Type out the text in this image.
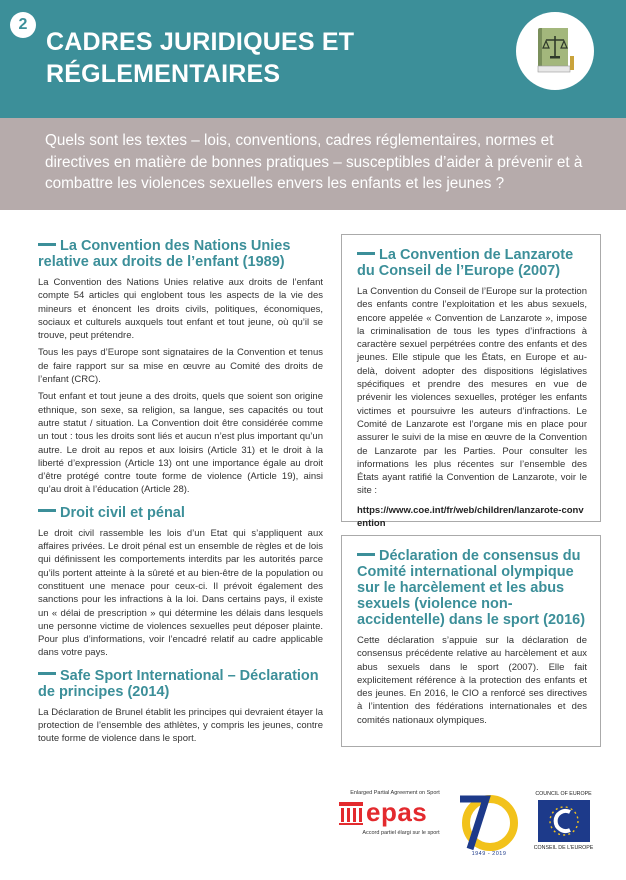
2
CADRES JURIDIQUES ET RÉGLEMENTAIRES

Quels sont les textes – lois, conventions, cadres réglementaires, normes et directives en matière de bonnes pratiques – susceptibles d’aider à prévenir et à combattre les violences sexuelles envers les enfants et les jeunes ?

La Convention des Nations Unies relative aux droits de l’enfant (1989)

La Convention des Nations Unies relative aux droits de l’enfant compte 54 articles qui englobent tous les aspects de la vie des mineurs et énoncent les droits civils, politiques, économiques, sociaux et culturels auxquels tout enfant et tout jeune, où qu’il se trouve, peut prétendre.

Tous les pays d’Europe sont signataires de la Convention et tenus de faire rapport sur sa mise en œuvre au Comité des droits de l’enfant (CRC).

Tout enfant et tout jeune a des droits, quels que soient son origine ethnique, son sexe, sa religion, sa langue, ses capacités ou tout autre statut / situation. La Convention doit être considérée comme un tout : tous les droits sont liés et aucun n’est plus important qu’un autre. Le droit au repos et aux loisirs (Article 31) et le droit à la liberté d’expression (Article 13) ont une importance égale au droit d’être protégé contre toute forme de violence (Article 19), ainsi qu’au droit à l’éducation (Article 28).

Droit civil et pénal

Le droit civil rassemble les lois d’un Etat qui s’appliquent aux affaires privées. Le droit pénal est un ensemble de règles et de lois qui définissent les comportements interdits par les autorités parce qu’ils portent atteinte à la sûreté et au bien-être de la population ou constituent une menace pour ceux-ci. Il prévoit également des sanctions pour les infractions à la loi. Dans certains pays, il existe un « délai de prescription » qui détermine les délais dans lesquels une personne victime de violences sexuelles peut déposer plainte. Pour plus d’informations, voir l’encadré relatif au cadre applicable dans votre pays.

Safe Sport International – Déclaration de principes (2014)

La Déclaration de Brunel établit les principes qui devraient étayer la protection de l’ensemble des athlètes, y compris les jeunes, contre toute forme de violence dans le sport.

La Convention de Lanzarote du Conseil de l’Europe (2007)

La Convention du Conseil de l’Europe sur la protection des enfants contre l’exploitation et les abus sexuels, encore appelée « Convention de Lanzarote », impose la criminalisation de tous les types d’infractions à caractère sexuel perpétrées contre des enfants et des jeunes. Elle stipule que les États, en Europe et au-delà, doivent adopter des dispositions législatives spécifiques et prendre des mesures en vue de prévenir les violences sexuelles, protéger les enfants victimes et poursuivre les auteurs d’infractions. Le Comité de Lanzarote est l’organe mis en place pour assurer le suivi de la mise en œuvre de la Convention de Lanzarote par les Parties. Pour consulter les informations les plus récentes sur l’ensemble des États ayant ratifié la Convention de Lanzarote, voir le site :

https://www.coe.int/fr/web/children/lanzarote-convention
Déclaration de consensus du Comité international olympique sur le harcèlement et les abus sexuels (violence non-accidentelle) dans le sport (2016)

Cette déclaration s’appuie sur la déclaration de consensus précédente relative au harcèlement et aux abus sexuels dans le sport (2007). Elle fait explicitement référence à la protection des enfants et des jeunes. En 2016, le CIO a renforcé ses directives à l’intention des fédérations internationales et des comités nationaux olympiques.

Enlarged Partial Agreement on Sport
epas
Accord partiel élargi sur le sport
1949 - 2019
COUNCIL OF EUROPE
CONSEIL DE L’EUROPE
